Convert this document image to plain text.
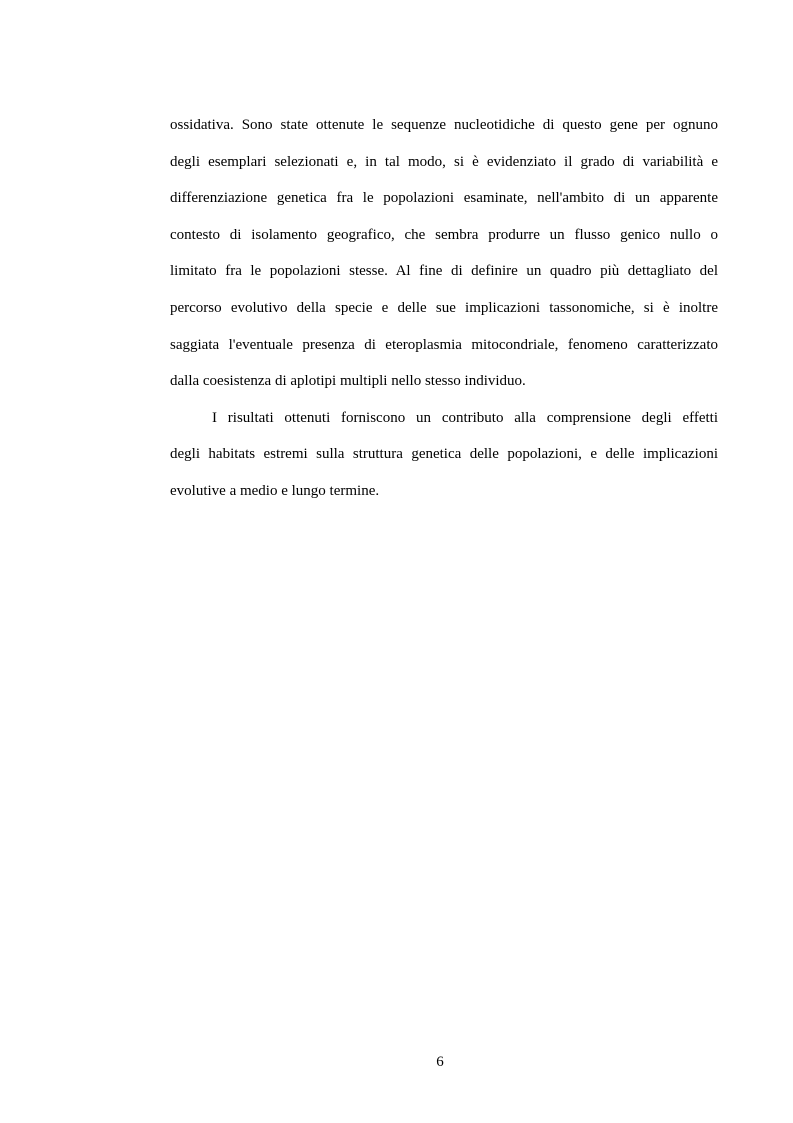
ossidativa. Sono state ottenute le sequenze nucleotidiche di questo gene per ognuno
degli esemplari selezionati e, in tal modo, si è evidenziato il grado di variabilità e
differenziazione genetica fra le popolazioni esaminate, nell'ambito di un apparente
contesto di isolamento geografico, che sembra produrre un flusso genico nullo o
limitato fra le popolazioni stesse. Al fine di definire un quadro più dettagliato del
percorso evolutivo della specie e delle sue implicazioni tassonomiche, si è inoltre
saggiata l'eventuale presenza di eteroplasmia mitocondriale, fenomeno caratterizzato
dalla coesistenza di aplotipi multipli nello stesso individuo.
I risultati ottenuti forniscono un contributo alla comprensione degli effetti
degli habitats estremi sulla struttura genetica delle popolazioni, e delle implicazioni
evolutive a medio e lungo termine.
6
